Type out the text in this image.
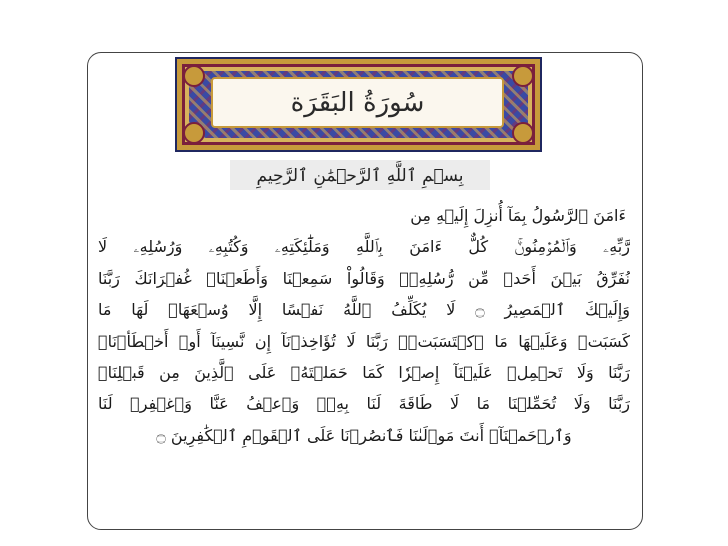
سُورَةُ البَقَرَة
بِسۡمِ ٱللَّهِ ٱلرَّحۡمَٰنِ ٱلرَّحِيمِ
ءَامَنَ ٱلرَّسُولُ بِمَآ أُنزِلَ إِلَيۡهِ مِن
رَّبِّهِۦ وَٱلۡمُؤۡمِنُونَۚ كُلٌّ ءَامَنَ بِٱللَّهِ وَمَلَٰٓئِكَتِهِۦ وَكُتُبِهِۦ وَرُسُلِهِۦ لَا
نُفَرِّقُ بَيۡنَ أَحَدٖ مِّن رُّسُلِهِۦۚ وَقَالُواْ سَمِعۡنَا وَأَطَعۡنَاۖ غُفۡرَانَكَ رَبَّنَا
وَإِلَيۡكَ ٱلۡمَصِيرُ ۝ لَا يُكَلِّفُ ٱللَّهُ نَفۡسًا إِلَّا وُسۡعَهَاۚ لَهَا مَا
كَسَبَتۡ وَعَلَيۡهَا مَا ٱكۡتَسَبَتۡۗ رَبَّنَا لَا تُؤَاخِذۡنَآ إِن نَّسِينَآ أَوۡ أَخۡطَأۡنَاۚ
رَبَّنَا وَلَا تَحۡمِلۡ عَلَيۡنَآ إِصۡرٗا كَمَا حَمَلۡتَهُۥ عَلَى ٱلَّذِينَ مِن قَبۡلِنَاۚ
رَبَّنَا وَلَا تُحَمِّلۡنَا مَا لَا طَاقَةَ لَنَا بِهِۦۖ وَٱعۡفُ عَنَّا وَٱغۡفِرۡ لَنَا
وَٱرۡحَمۡنَآۚ أَنتَ مَوۡلَىٰنَا فَٱنصُرۡنَا عَلَى ٱلۡقَوۡمِ ٱلۡكَٰفِرِينَ ۝
